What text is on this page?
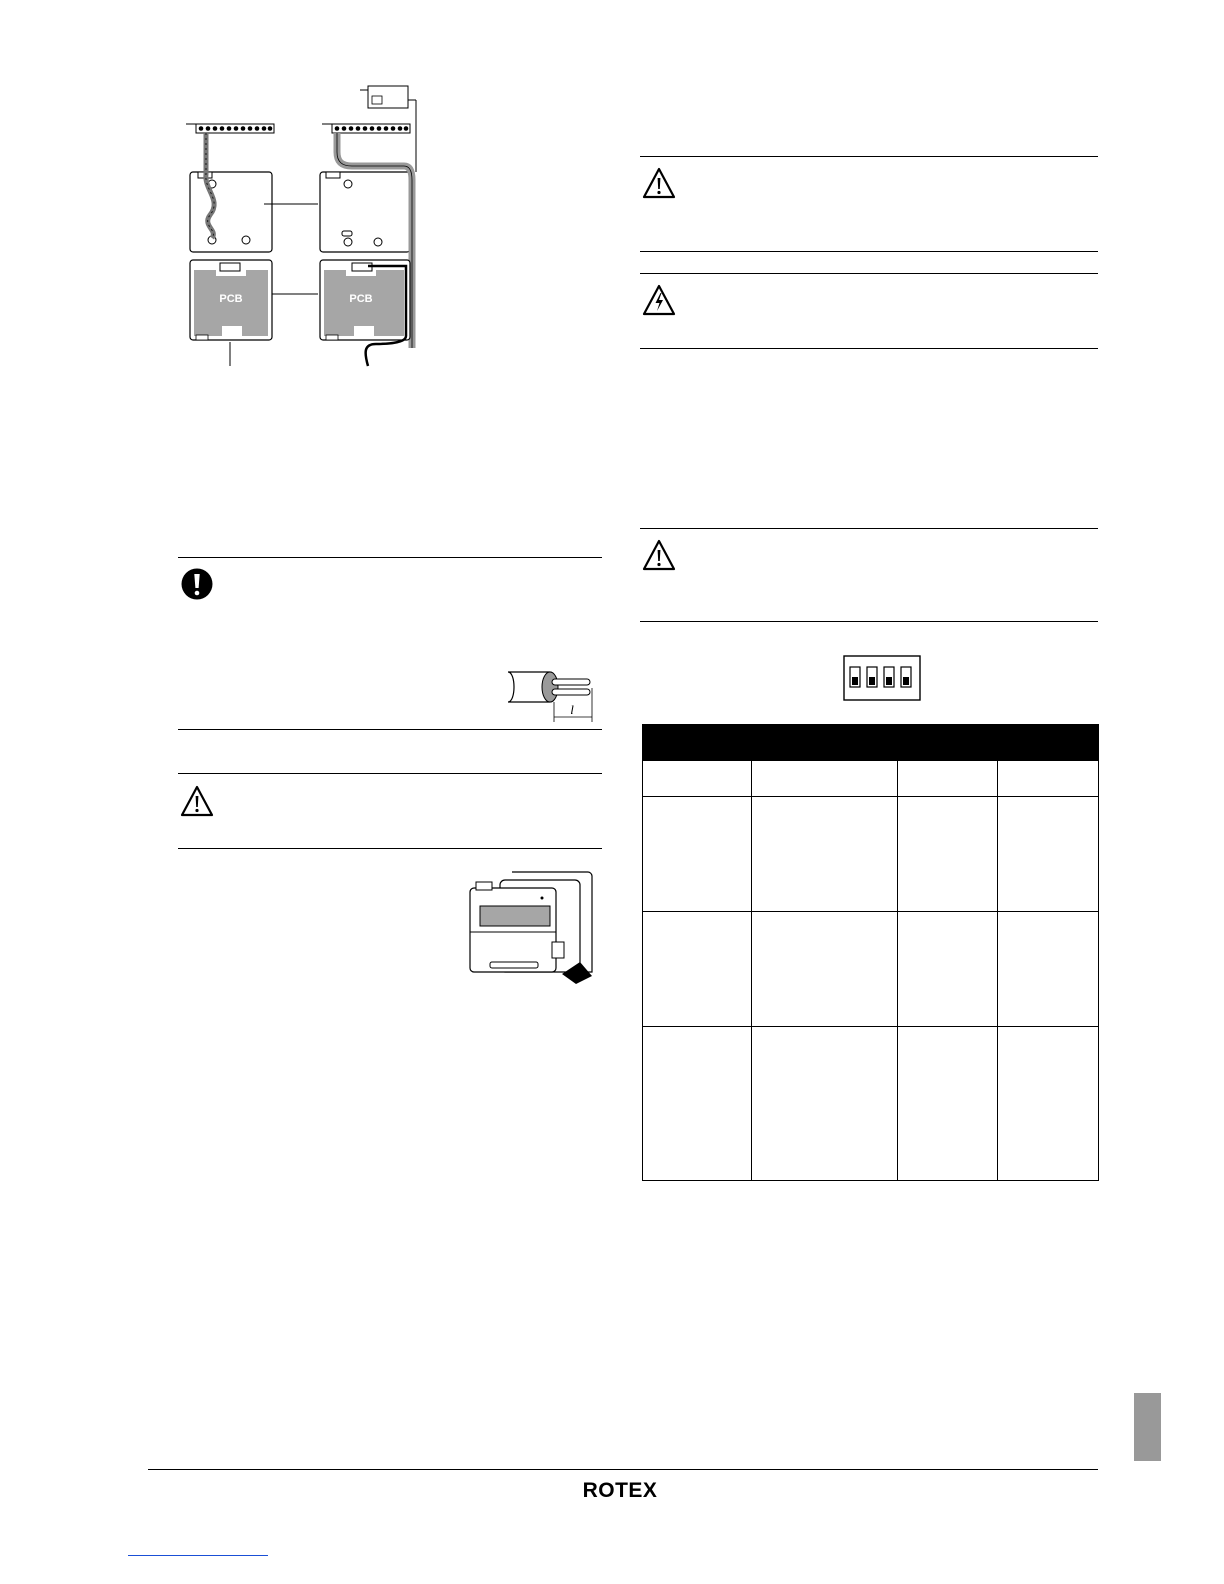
PCB	PCB
l
ROTEX
